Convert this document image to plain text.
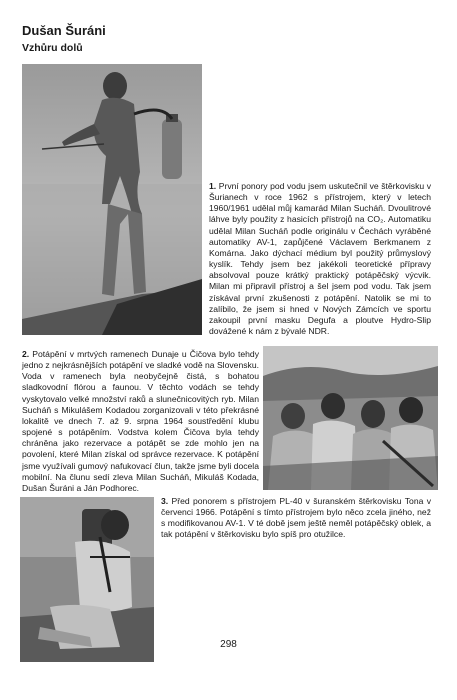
Dušan Šuráni
Vzhůru dolů
1. První ponory pod vodu jsem uskutečnil ve štěrkovisku v Šurianech v roce 1962 s přístrojem, který v letech 1960/1961 udělal můj kamarád Milan Sucháň. Dvoulitrové láhve byly použity z hasicích přístrojů na CO₂. Automatiku udělal Milan Sucháň podle originálu v Čechách vyráběné automatiky AV-1, zapůjčené Václavem Berkmanem z Komárna. Jako dýchací médium byl použitý průmyslový kyslík. Tehdy jsem bez jakékoli teoretické přípravy absolvoval pouze krátký praktický potápěčský výcvik. Milan mi připravil přístroj a šel jsem pod vodu. Tak jsem získával první zkušenosti z potápění. Natolik se mi to zalíbilo, že jsem si hned v Nových Zámcích ve sportu zakoupil první masku Degufa a ploutve Hydro-Slip dovážené k nám z bývalé NDR.
2. Potápění v mrtvých ramenech Dunaje u Čičova bylo tehdy jedno z nejkrásnějších potápění ve sladké vodě na Slovensku. Voda v ramenech byla neobyčejně čistá, s bohatou sladkovodní flórou a faunou. V těchto vodách se tehdy vyskytovalo velké množství raků a slunečnicovitých ryb. Milan Sucháň s Mikulášem Kodadou zorganizovali v této překrásné lokalitě ve dnech 7. až 9. srpna 1964 soustředění klubu spojené s potápěním. Vodstva kolem Čičova byla tehdy chráněna jako rezervace a potápět se zde mohlo jen na povolení, které Milan získal od správce rezervace. K potápění jsme využívali gumový nafukovací člun, takže jsme byli docela mobilní. Na člunu sedí zleva Milan Sucháň, Mikuláš Kodada, Dušan Šuráni a Ján Podhorec.
3. Před ponorem s přístrojem PL-40 v šuranském štěrkovisku Tona v červenci 1966. Potápění s tímto přístrojem bylo něco zcela jiného, než s modifikovanou AV-1. V té době jsem ještě neměl potápěčský oblek, a tak potápění v štěrkovisku bylo spíš pro otužilce.
298
